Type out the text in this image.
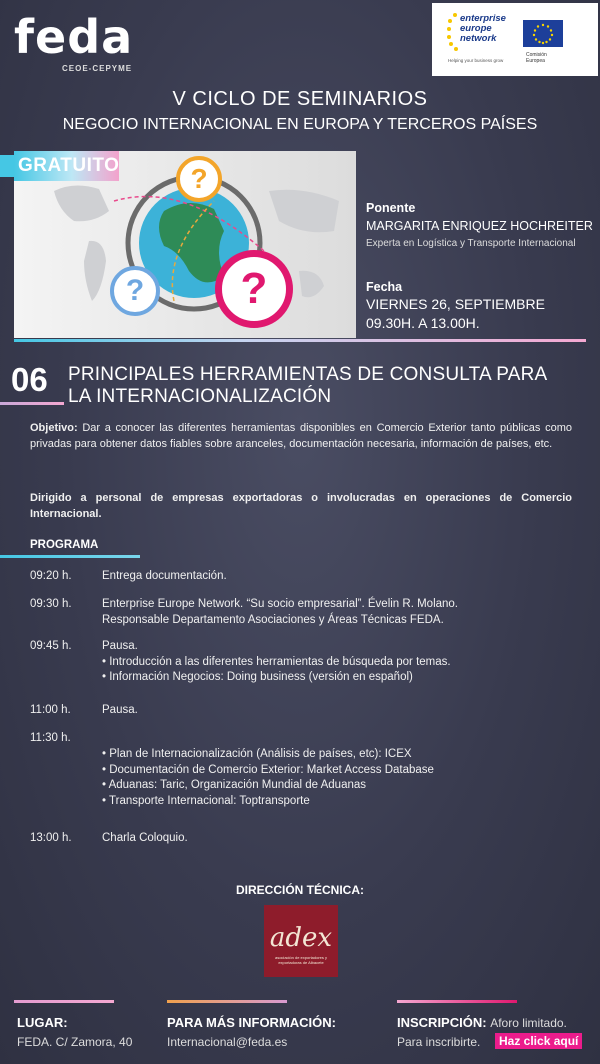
feda
CEOE-CEPYME
enterprise
europe
network
Helping your business grow
Comisión
Europea
V CICLO DE SEMINARIOS
NEGOCIO INTERNACIONAL EN EUROPA Y TERCEROS PAÍSES
?
?	?
GRATUITO
Ponente
MARGARITA ENRIQUEZ HOCHREITER
Experta en Logística y Transporte Internacional
Fecha
VIERNES 26, SEPTIEMBRE
09.30H. A 13.00H.
06 PRINCIPALES HERRAMIENTAS DE CONSULTA PARA
LA INTERNACIONALIZACIÓN
Objetivo: Dar a conocer las diferentes herramientas disponibles en Comercio Exterior tanto públicas como privadas para obtener datos fiables sobre aranceles, documentación necesaria, información de países, etc.
Dirigido a personal de empresas exportadoras o involucradas en operaciones de Comercio Internacional.
PROGRAMA
09:20 h.	Entrega documentación.
09:30 h.	Enterprise Europe Network. “Su socio empresarial”. Évelin R. Molano.
Responsable Departamento Asociaciones y Áreas Técnicas FEDA.
09:45 h.	Pausa.
• Introducción a las diferentes herramientas de búsqueda por temas.
• Información Negocios: Doing business (versión en español)
11:00 h.	Pausa.
11:30 h.
• Plan de Internacionalización (Análisis de países, etc): ICEX
• Documentación de Comercio Exterior: Market Access Database
• Aduanas: Taric, Organización Mundial de Aduanas
• Transporte Internacional: Toptransporte
13:00 h.	Charla Coloquio.
DIRECCIÓN TÉCNICA:
adex
asociación de exportadores y exportadoras de Albacete
LUGAR:
FEDA. C/ Zamora, 40
PARA MÁS INFORMACIÓN:
Internacional@feda.es
INSCRIPCIÓN: Aforo limitado.
Para inscribirte.	Haz click aquí
